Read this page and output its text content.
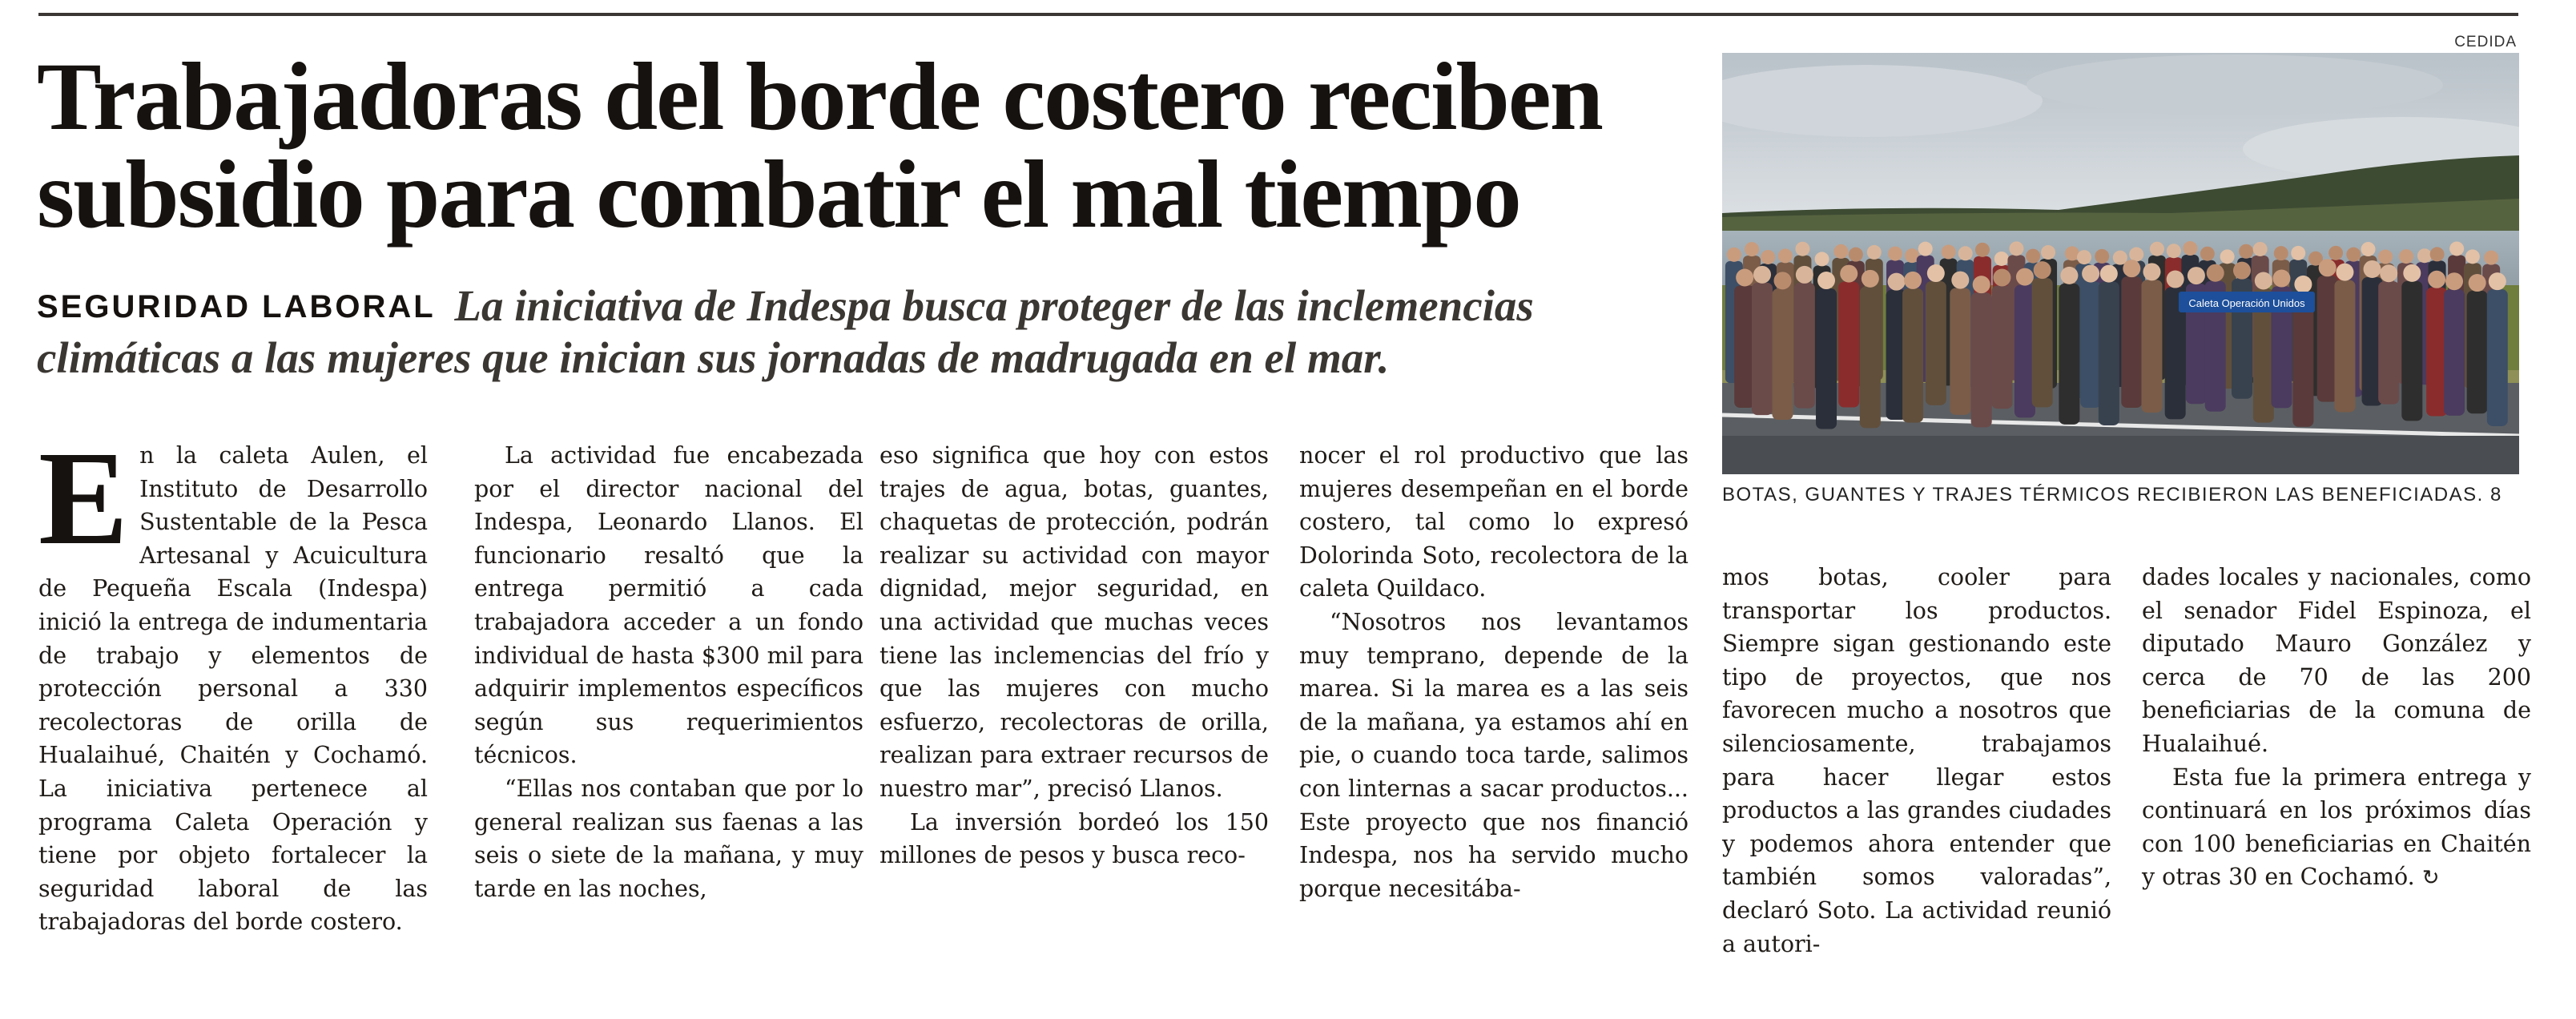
Trabajadoras del borde costero reciben subsidio para combatir el mal tiempo

SEGURIDAD LABORAL La iniciativa de Indespa busca proteger de las inclemencias climáticas a las mujeres que inician sus jornadas de madrugada en el mar.

CEDIDA
Caleta Operación Unidos
BOTAS, GUANTES Y TRAJES TÉRMICOS RECIBIERON LAS BENEFICIADAS. 8

En la caleta Aulen, el Instituto de Desarrollo Sustentable de la Pesca Artesanal y Acuicultura de Pequeña Escala (Indespa) inició la entrega de indumentaria de trabajo y elementos de protección personal a 330 recolectoras de orilla de Hualaihué, Chaitén y Cochamó. La iniciativa pertenece al programa Caleta Operación y tiene por objeto fortalecer la seguridad laboral de las trabajadoras del borde costero.

La actividad fue encabezada por el director nacional del Indespa, Leonardo Llanos. El funcionario resaltó que la entrega permitió a cada trabajadora acceder a un fondo individual de hasta $300 mil para adquirir implementos específicos según sus requerimientos técnicos.

“Ellas nos contaban que por lo general realizan sus faenas a las seis o siete de la mañana, y muy tarde en las noches,

eso significa que hoy con estos trajes de agua, botas, guantes, chaquetas de protección, podrán realizar su actividad con mayor dignidad, mejor seguridad, en una actividad que muchas veces tiene las inclemencias del frío y que las mujeres con mucho esfuerzo, recolectoras de orilla, realizan para extraer recursos de nuestro mar”, precisó Llanos.

La inversión bordeó los 150 millones de pesos y busca reco-

nocer el rol productivo que las mujeres desempeñan en el borde costero, tal como lo expresó Dolorinda Soto, recolectora de la caleta Quildaco.

“Nosotros nos levantamos muy temprano, depende de la marea. Si la marea es a las seis de la mañana, ya estamos ahí en pie, o cuando toca tarde, salimos con linternas a sacar productos... Este proyecto que nos financió Indespa, nos ha servido mucho porque necesitába-

mos botas, cooler para transportar los productos. Siempre sigan gestionando este tipo de proyectos, que nos favorecen mucho a nosotros que silenciosamente, trabajamos para hacer llegar estos productos a las grandes ciudades y podemos ahora entender que también somos valoradas”, declaró Soto. La actividad reunió a autori-

dades locales y nacionales, como el senador Fidel Espinoza, el diputado Mauro González y cerca de 70 de las 200 beneficiarias de la comuna de Hualaihué.

Esta fue la primera entrega y continuará en los próximos días con 100 beneficiarias en Chaitén y otras 30 en Cochamó. ↻
